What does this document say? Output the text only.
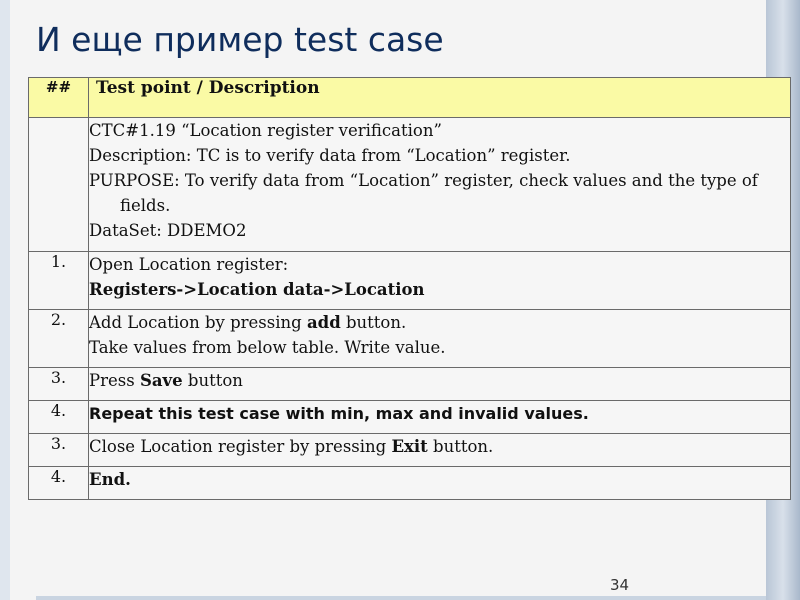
И еще пример test case
##	Test point / Description

	CTC#1.19 “Location register verification”
Description: TC is to verify data from “Location” register.
PURPOSE: To verify data from “Location” register, check values and the type of fields.
DataSet: DDEMO2

1.	Open Location register:
Registers->Location data->Location

2.	Add Location by pressing add button.
Take values from below table. Write value.

3.	Press Save button
4.	Repeat this test case with min, max and invalid values.
3.	Close Location register by pressing Exit button.
4.	End.
34
